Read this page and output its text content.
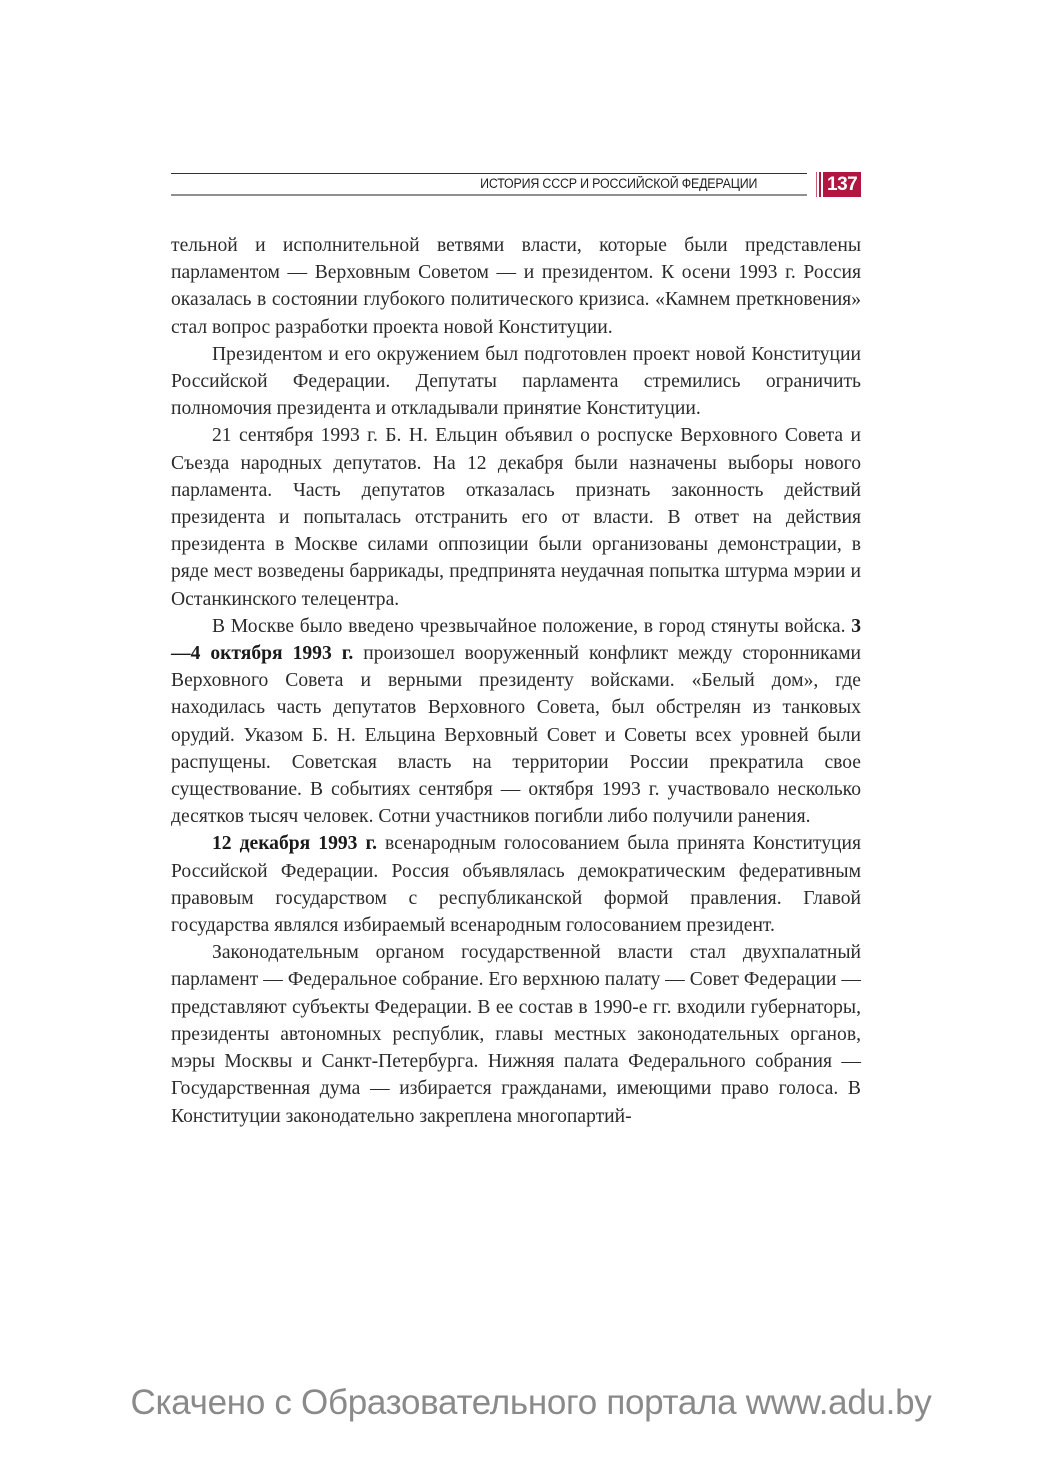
ИСТОРИЯ СССР И РОССИЙСКОЙ ФЕДЕРАЦИИ	137

тельной и исполнительной ветвями власти, которые были представлены парламентом — Верховным Советом — и президентом. К осени 1993 г. Россия оказалась в состоянии глубокого политического кризиса. «Камнем преткновения» стал вопрос разработки проекта новой Конституции.

Президентом и его окружением был подготовлен проект новой Конституции Российской Федерации. Депутаты парламента стремились ограничить полномочия президента и откладывали принятие Конституции.

21 сентября 1993 г. Б. Н. Ельцин объявил о роспуске Верховного Совета и Съезда народных депутатов. На 12 декабря были назначены выборы нового парламента. Часть депутатов отказалась признать законность действий президента и попыталась отстранить его от власти. В ответ на действия президента в Москве силами оппозиции были организованы демонстрации, в ряде мест возведены баррикады, предпринята неудачная попытка штурма мэрии и Останкинского телецентра.

В Москве было введено чрезвычайное положение, в город стянуты войска. 3—4 октября 1993 г. произошел вооруженный конфликт между сторонниками Верховного Совета и верными президенту войсками. «Белый дом», где находилась часть депутатов Верховного Совета, был обстрелян из танковых орудий. Указом Б. Н. Ельцина Верховный Совет и Советы всех уровней были распущены. Советская власть на территории России прекратила свое существование. В событиях сентября — октября 1993 г. участвовало несколько десятков тысяч человек. Сотни участников погибли либо получили ранения.

12 декабря 1993 г. всенародным голосованием была принята Конституция Российской Федерации. Россия объявлялась демократическим федеративным правовым государством с республиканской формой правления. Главой государства являлся избираемый всенародным голосованием президент.

Законодательным органом государственной власти стал двухпалатный парламент — Федеральное собрание. Его верхнюю палату — Совет Федерации — представляют субъекты Федерации. В ее состав в 1990-е гг. входили губернаторы, президенты автономных республик, главы местных законодательных органов, мэры Москвы и Санкт-Петербурга. Нижняя палата Федерального собрания — Государственная дума — избирается гражданами, имеющими право голоса. В Конституции законодательно закреплена многопартий-

Скачено с Образовательного портала www.adu.by
